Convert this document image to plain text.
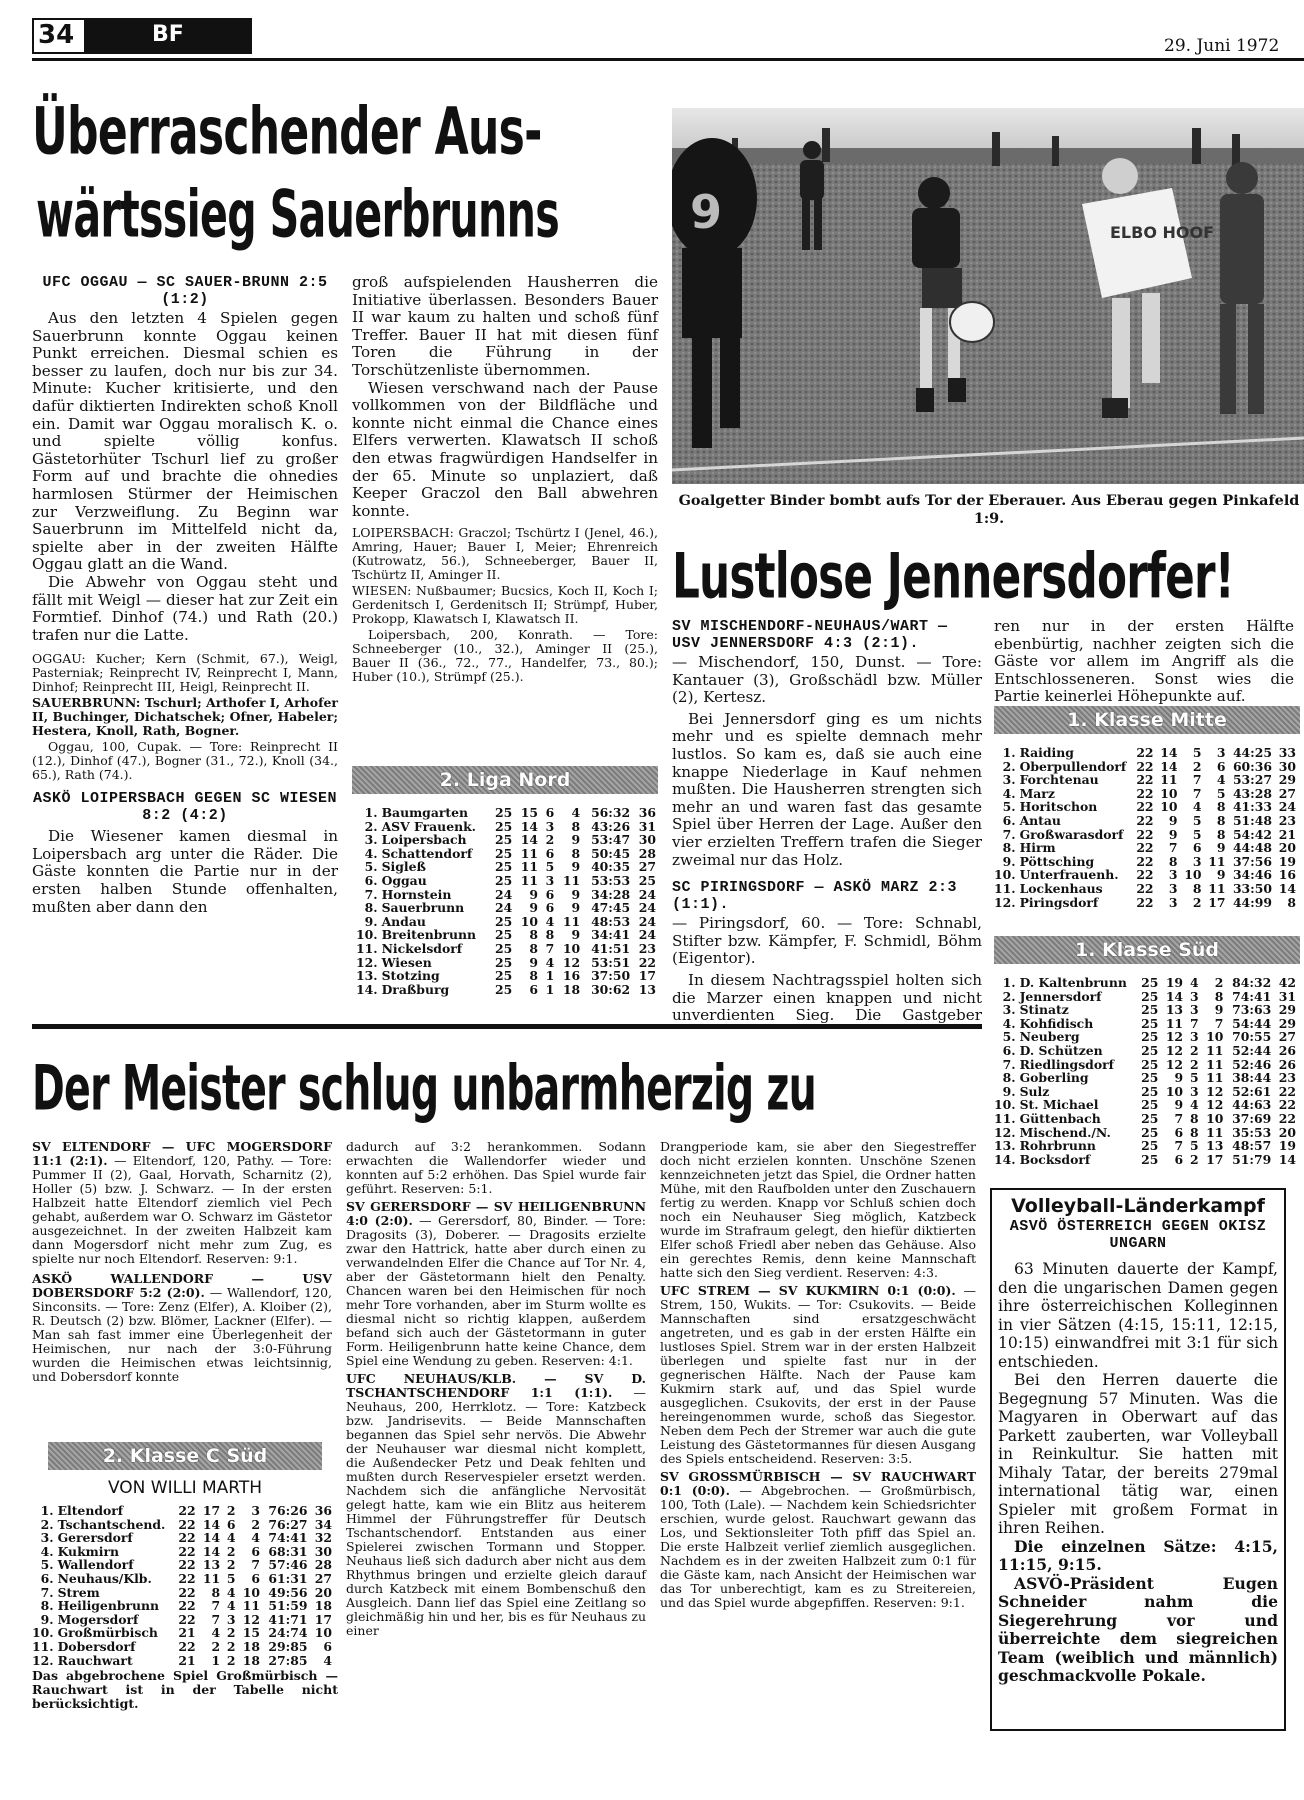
34	BF	29. Juni 1972
Überraschender Aus-
wärtssieg Sauerbrunns
UFC OGGAU — SC SAUER-BRUNN 2:5 (1:2)

Aus den letzten 4 Spielen gegen Sauerbrunn konnte Oggau keinen Punkt erreichen. Diesmal schien es besser zu laufen, doch nur bis zur 34. Minute: Kucher kritisierte, und den dafür diktierten Indirekten schoß Knoll ein. Damit war Oggau moralisch K. o. und spielte völlig konfus. Gästetorhüter Tschurl lief zu großer Form auf und brachte die ohnedies harmlosen Stürmer der Heimischen zur Verzweiflung. Zu Beginn war Sauerbrunn im Mittelfeld nicht da, spielte aber in der zweiten Hälfte Oggau glatt an die Wand.

Die Abwehr von Oggau steht und fällt mit Weigl — dieser hat zur Zeit ein Formtief. Dinhof (74.) und Rath (20.) trafen nur die Latte.

OGGAU: Kucher; Kern (Schmit, 67.), Weigl, Pasterniak; Reinprecht IV, Reinprecht I, Mann, Dinhof; Reinprecht III, Heigl, Reinprecht II.
SAUERBRUNN: Tschurl; Arthofer I, Arhofer II, Buchinger, Dichatschek; Ofner, Habeler; Hestera, Knoll, Rath, Bogner.
Oggau, 100, Cupak. — Tore: Reinprecht II (12.), Dinhof (47.), Bogner (31., 72.), Knoll (34., 65.), Rath (74.).
ASKÖ LOIPERSBACH GEGEN SC WIESEN 8:2 (4:2)

Die Wiesener kamen diesmal in Loipersbach arg unter die Räder. Die Gäste konnten die Partie nur in der ersten halben Stunde offenhalten, mußten aber dann den

groß aufspielenden Hausherren die Initiative überlassen. Besonders Bauer II war kaum zu halten und schoß fünf Treffer. Bauer II hat mit diesen fünf Toren die Führung in der Torschützenliste übernommen.

Wiesen verschwand nach der Pause vollkommen von der Bildfläche und konnte nicht einmal die Chance eines Elfers verwerten. Klawatsch II schoß den etwas fragwürdigen Handselfer in der 65. Minute so unplaziert, daß Keeper Graczol den Ball abwehren konnte.

LOIPERSBACH: Graczol; Tschürtz I (Jenel, 46.), Amring, Hauer; Bauer I, Meier; Ehrenreich (Kutrowatz, 56.), Schneeberger, Bauer II, Tschürtz II, Aminger II.
WIESEN: Nußbaumer; Bucsics, Koch II, Koch I; Gerdenitsch I, Gerdenitsch II; Strümpf, Huber, Prokopp, Klawatsch I, Klawatsch II.
Loipersbach, 200, Konrath. — Tore: Schneeberger (10., 32.), Aminger II (25.), Bauer II (36., 72., 77., Handelfer, 73., 80.); Huber (10.), Strümpf (25.).
2. Liga Nord
1.	Baumgarten	25	15	6	4	56:32	36
2.	ASV Frauenk.	25	14	3	8	43:26	31
3.	Loipersbach	25	14	2	9	53:47	30
4.	Schattendorf	25	11	6	8	50:45	28
5.	Sigleß	25	11	5	9	40:35	27
6.	Oggau	25	11	3	11	53:53	25
7.	Hornstein	24	9	6	9	34:28	24
8.	Sauerbrunn	24	9	6	9	47:45	24
9.	Andau	25	10	4	11	48:53	24
10.	Breitenbrunn	25	8	8	9	34:41	24
11.	Nickelsdorf	25	8	7	10	41:51	23
12.	Wiesen	25	9	4	12	53:51	22
13.	Stotzing	25	8	1	16	37:50	17
14.	Draßburg	25	6	1	18	30:62	13
9	ELBO HOOF
Goalgetter Binder bombt aufs Tor der Eberauer. Aus Eberau gegen Pinkafeld 1:9.
Lustlose Jennersdorfer!
SV MISCHENDORF-NEUHAUS/WART — USV JENNERSDORF 4:3 (2:1).
— Mischendorf, 150, Dunst. — Tore: Kantauer (3), Großschädl bzw. Müller (2), Kertesz.

Bei Jennersdorf ging es um nichts mehr und es spielte demnach mehr lustlos. So kam es, daß sie auch eine knappe Niederlage in Kauf nehmen mußten. Die Hausherren strengten sich mehr an und waren fast das gesamte Spiel über Herren der Lage. Außer den vier erzielten Treffern trafen die Sieger zweimal nur das Holz.

SC PIRINGSDORF — ASKÖ MARZ 2:3 (1:1).
— Piringsdorf, 60. — Tore: Schnabl, Stifter bzw. Kämpfer, F. Schmidl, Böhm (Eigentor).

In diesem Nachtragsspiel holten sich die Marzer einen knappen und nicht unverdienten Sieg. Die Gastgeber

ren nur in der ersten Hälfte ebenbürtig, nachher zeigten sich die Gäste vor allem im Angriff als die Entschlosseneren. Sonst wies die Partie keinerlei Höhepunkte auf.

1. Klasse Mitte
1.	Raiding	22	14	5	3	44:25	33
2.	Oberpullendorf	22	14	2	6	60:36	30
3.	Forchtenau	22	11	7	4	53:27	29
4.	Marz	22	10	7	5	43:28	27
5.	Horitschon	22	10	4	8	41:33	24
6.	Antau	22	9	5	8	51:48	23
7.	Großwarasdorf	22	9	5	8	54:42	21
8.	Hirm	22	7	6	9	44:48	20
9.	Pöttsching	22	8	3	11	37:56	19
10.	Unterfrauenh.	22	3	10	9	34:46	16
11.	Lockenhaus	22	3	8	11	33:50	14
12.	Piringsdorf	22	3	2	17	44:99	8
1. Klasse Süd
1.	D. Kaltenbrunn	25	19	4	2	84:32	42
2.	Jennersdorf	25	14	3	8	74:41	31
3.	Stinatz	25	13	3	9	73:63	29
4.	Kohfidisch	25	11	7	7	54:44	29
5.	Neuberg	25	12	3	10	70:55	27
6.	D. Schützen	25	12	2	11	52:44	26
7.	Riedlingsdorf	25	12	2	11	52:46	26
8.	Goberling	25	9	5	11	38:44	23
9.	Sulz	25	10	3	12	52:61	22
10.	St. Michael	25	9	4	12	44:63	22
11.	Güttenbach	25	7	8	10	37:69	22
12.	Mischend./N.	25	6	8	11	35:53	20
13.	Rohrbrunn	25	7	5	13	48:57	19
14.	Bocksdorf	25	6	2	17	51:79	14
Der Meister schlug unbarmherzig zu
SV ELTENDORF — UFC MOGERSDORF 11:1 (2:1). — Eltendorf, 120, Pathy. — Tore: Pummer II (2), Gaal, Horvath, Scharnitz (2), Holler (5) bzw. J. Schwarz. — In der ersten Halbzeit hatte Eltendorf ziemlich viel Pech gehabt, außerdem war O. Schwarz im Gästetor ausgezeichnet. In der zweiten Halbzeit kam dann Mogersdorf nicht mehr zum Zug, es spielte nur noch Eltendorf. Reserven: 9:1.
ASKÖ WALLENDORF — USV DOBERSDORF 5:2 (2:0). — Wallendorf, 120, Sinconsits. — Tore: Zenz (Elfer), A. Kloiber (2), R. Deutsch (2) bzw. Blömer, Lackner (Elfer). — Man sah fast immer eine Überlegenheit der Heimischen, nur nach der 3:0-Führung wurden die Heimischen etwas leichtsinnig, und Dobersdorf konnte
2. Klasse C Süd
VON WILLI MARTH
1.	Eltendorf	22	17	2	3	76:26	36
2.	Tschantschend.	22	14	6	2	76:27	34
3.	Gerersdorf	22	14	4	4	74:41	32
4.	Kukmirn	22	14	2	6	68:31	30
5.	Wallendorf	22	13	2	7	57:46	28
6.	Neuhaus/Klb.	22	11	5	6	61:31	27
7.	Strem	22	8	4	10	49:56	20
8.	Heiligenbrunn	22	7	4	11	51:59	18
9.	Mogersdorf	22	7	3	12	41:71	17
10.	Großmürbisch	21	4	2	15	24:74	10
11.	Dobersdorf	22	2	2	18	29:85	6
12.	Rauchwart	21	1	2	18	27:85	4
Das abgebrochene Spiel Großmürbisch — Rauchwart ist in der Tabelle nicht berücksichtigt.
dadurch auf 3:2 herankommen. Sodann erwachten die Wallendorfer wieder und konnten auf 5:2 erhöhen. Das Spiel wurde fair geführt. Reserven: 5:1.
SV GERERSDORF — SV HEILIGENBRUNN 4:0 (2:0). — Gerersdorf, 80, Binder. — Tore: Dragosits (3), Doberer. — Dragosits erzielte zwar den Hattrick, hatte aber durch einen zu verwandelnden Elfer die Chance auf Tor Nr. 4, aber der Gästetormann hielt den Penalty. Chancen waren bei den Heimischen für noch mehr Tore vorhanden, aber im Sturm wollte es diesmal nicht so richtig klappen, außerdem befand sich auch der Gästetormann in guter Form. Heiligenbrunn hatte keine Chance, dem Spiel eine Wendung zu geben. Reserven: 4:1.
UFC NEUHAUS/KLB. — SV D. TSCHANTSCHENDORF 1:1 (1:1). — Neuhaus, 200, Herrklotz. — Tore: Katzbeck bzw. Jandrisevits. — Beide Mannschaften begannen das Spiel sehr nervös. Die Abwehr der Neuhauser war diesmal nicht komplett, die Außendecker Petz und Deak fehlten und mußten durch Reservespieler ersetzt werden. Nachdem sich die anfängliche Nervosität gelegt hatte, kam wie ein Blitz aus heiterem Himmel der Führungstreffer für Deutsch Tschantschendorf. Entstanden aus einer Spielerei zwischen Tormann und Stopper. Neuhaus ließ sich dadurch aber nicht aus dem Rhythmus bringen und erzielte gleich darauf durch Katzbeck mit einem Bombenschuß den Ausgleich. Dann lief das Spiel eine Zeitlang so gleichmäßig hin und her, bis es für Neuhaus zu einer
Drangperiode kam, sie aber den Siegestreffer doch nicht erzielen konnten. Unschöne Szenen kennzeichneten jetzt das Spiel, die Ordner hatten Mühe, mit den Raufbolden unter den Zuschauern fertig zu werden. Knapp vor Schluß schien doch noch ein Neuhauser Sieg möglich, Katzbeck wurde im Strafraum gelegt, den hiefür diktierten Elfer schoß Friedl aber neben das Gehäuse. Also ein gerechtes Remis, denn keine Mannschaft hatte sich den Sieg verdient. Reserven: 4:3.
UFC STREM — SV KUKMIRN 0:1 (0:0). — Strem, 150, Wukits. — Tor: Csukovits. — Beide Mannschaften sind ersatzgeschwächt angetreten, und es gab in der ersten Hälfte ein lustloses Spiel. Strem war in der ersten Halbzeit überlegen und spielte fast nur in der gegnerischen Hälfte. Nach der Pause kam Kukmirn stark auf, und das Spiel wurde ausgeglichen. Csukovits, der erst in der Pause hereingenommen wurde, schoß das Siegestor. Neben dem Pech der Stremer war auch die gute Leistung des Gästetormannes für diesen Ausgang des Spiels entscheidend. Reserven: 3:5.
SV GROSSMÜRBISCH — SV RAUCHWART 0:1 (0:0). — Abgebrochen. — Großmürbisch, 100, Toth (Lale). — Nachdem kein Schiedsrichter erschien, wurde gelost. Rauchwart gewann das Los, und Sektionsleiter Toth pfiff das Spiel an. Die erste Halbzeit verlief ziemlich ausgeglichen. Nachdem es in der zweiten Halbzeit zum 0:1 für die Gäste kam, nach Ansicht der Heimischen war das Tor unberechtigt, kam es zu Streitereien, und das Spiel wurde abgepfiffen. Reserven: 9:1.
Volleyball-Länderkampf
ASVÖ ÖSTERREICH GEGEN OKISZ UNGARN

63 Minuten dauerte der Kampf, den die ungarischen Damen gegen ihre österreichischen Kolleginnen in vier Sätzen (4:15, 15:11, 12:15, 10:15) einwandfrei mit 3:1 für sich entschieden.

Bei den Herren dauerte die Begegnung 57 Minuten. Was die Magyaren in Oberwart auf das Parkett zauberten, war Volleyball in Reinkultur. Sie hatten mit Mihaly Tatar, der bereits 279mal international tätig war, einen Spieler mit großem Format in ihren Reihen.

Die einzelnen Sätze: 4:15, 11:15, 9:15.

ASVÖ-Präsident Eugen Schneider nahm die Siegerehrung vor und überreichte dem siegreichen Team (weiblich und männlich) geschmackvolle Pokale.
